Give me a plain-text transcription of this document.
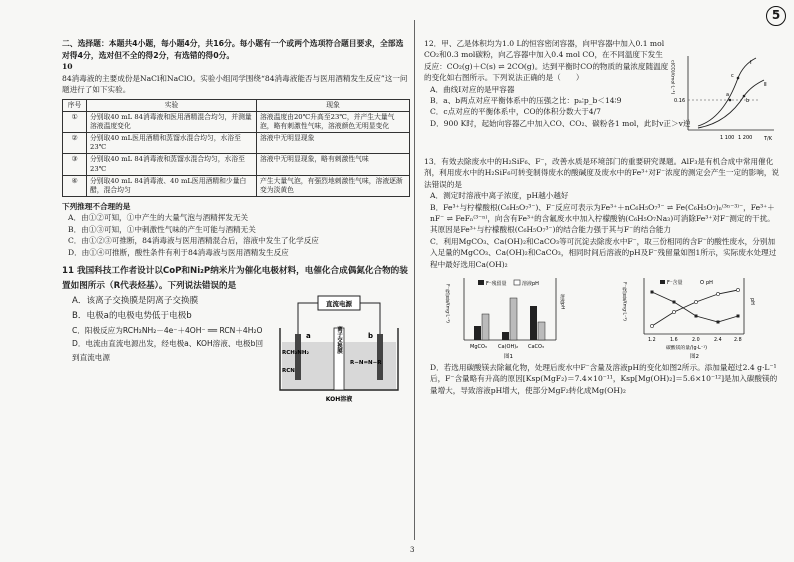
5
3

二、选择题：本题共4小题，每小题4分，共16分。每小题有一个或两个选项符合题目要求，全部选对得4分，选对但不全的得2分，有选错的得0分。

10

84消毒液的主要成份是NaCl和NaClO。实验小组同学围绕“84消毒液能否与医用酒精发生反应”这一问题进行了如下实验。

序号	实验	现象
①	分别取40 mL 84消毒液和医用酒精混合均匀，并测量溶液温度变化	溶液温度由20℃升高至23℃，并产生大量气泡，略有刺激性气味，溶液颜色无明显变化
②	分别取40 mL医用酒精和蒸馏水混合均匀，水浴至23℃	溶液中无明显现象
③	分别取40 mL 84消毒液和蒸馏水混合均匀，水浴至23℃	溶液中无明显现象，略有刺激性气味
④	分别取40 mL 84消毒液、40 mL医用酒精和少量白醋，混合均匀	产生大量气泡，有强烈地刺激性气味，溶液逐渐变为淡黄色

下列推理不合理的是

A．由①②可知，①中产生的大量气泡与酒精挥发无关

B．由①③可知，①中刺激性气味的产生可能与酒精无关

C．由①②③可推断，84消毒液与医用酒精混合后，溶液中发生了化学反应

D．由①④可推断，酸性条件有利于84消毒液与医用酒精发生反应

11 我国科技工作者设计以CoP和Ni₂P纳米片为催化电极材料，电催化合成偶氮化合物的装置如图所示（R代表烃基）。下列说法错误的是

A．该离子交换膜是阴离子交换膜

B．电极a的电极电势低于电极b

C．阳极反应为RCH₂NH₂－4e⁻＋4OH⁻ ══ RCN＋4H₂O

D．电流由直流电源出发，经电极a、KOH溶液、电极b回到直流电源

直流电源
a	b
离子交换膜
RCH₂NH₂
RCN
R−N=N−R
KOH溶液

12．甲、乙是体积均为1.0 L的恒容密闭容器，向甲容器中加入0.1 mol CO₂和0.3 mol碳粉，向乙容器中加入0.4 mol CO，在不同温度下发生反应：CO₂(g)＋C(s) ⇌ 2CO(g)。达到平衡时CO的物质的量浓度随温度的变化如右图所示。下列说法正确的是（　　）

A．曲线Ⅰ对应的是甲容器

B．a、b两点对应平衡体系中的压强之比：pₐ∶p_b＜14∶9

C．c点对应的平衡体系中，CO的体积分数大于4/7

D．900 K时，起始向容器乙中加入CO、CO₂、碳粉各1 mol，此时v正＞v逆

c(CO)/(mol·L⁻¹)
T/K
0.16
1 100 1 200
Ⅰ
Ⅱ
a
b
c

13．有效去除废水中的H₂SiF₆、F⁻，改善水质是环境部门的重要研究课题。AlF₃是有机合成中常用催化剂，利用废水中的H₂SiF₆可转变制得废水的酸碱度及废水中的Fe³⁺对F⁻浓度的测定会产生一定的影响，说法错误的是

A．测定时溶液中离子浓度，pH越小越好

B．Fe³⁺与柠檬酸根(C₆H₅O₇³⁻)、F⁻反应可表示为Fe³⁺＋nC₆H₅O₇³⁻ ⇌ Fe(C₆H₅O₇)ₙ⁽³ⁿ⁻³⁾⁻，Fe³⁺＋nF⁻ ⇌ FeFₙ⁽³⁻ⁿ⁾，向含有Fe³⁺的含氟废水中加入柠檬酸钠(C₆H₅O₇Na₃)可消除Fe³⁺对F⁻测定的干扰。其原因是Fe³⁺与柠檬酸根(C₆H₅O₇³⁻)的结合能力强于其与F⁻的结合能力

C．利用MgCO₃、Ca(OH)₂和CaCO₃等可沉淀去除废水中F⁻，取三份相同的含F⁻的酸性废水，分别加入足量的MgCO₃、Ca(OH)₂和CaCO₃，相同时间后溶液的pH及F⁻残留量如图1所示，实际废水处理过程中最好选用Ca(OH)₂

F⁻残留量/(mg·L⁻¹)	溶液pH
F⁻残留量	溶液pH
MgCO₃ Ca(OH)₂ CaCO₃
图1
F⁻残留量/(mg·L⁻¹)	pH
F⁻含量	pH
1.2	1.6	2.0	2.4	2.8
碳酸镁的量/(g·L⁻¹)
图2

D．若选用碳酸镁去除氟化物，处理后废水中F⁻含量及溶液pH的变化如图2所示。添加量超过2.4 g·L⁻¹后，F⁻含量略有升高的原因[Ksp(MgF₂)＝7.4×10⁻¹¹，Ksp[Mg(OH)₂]＝5.6×10⁻¹²]是加入碳酸镁的量增大，导致溶液pH增大，使部分MgF₂转化成Mg(OH)₂
